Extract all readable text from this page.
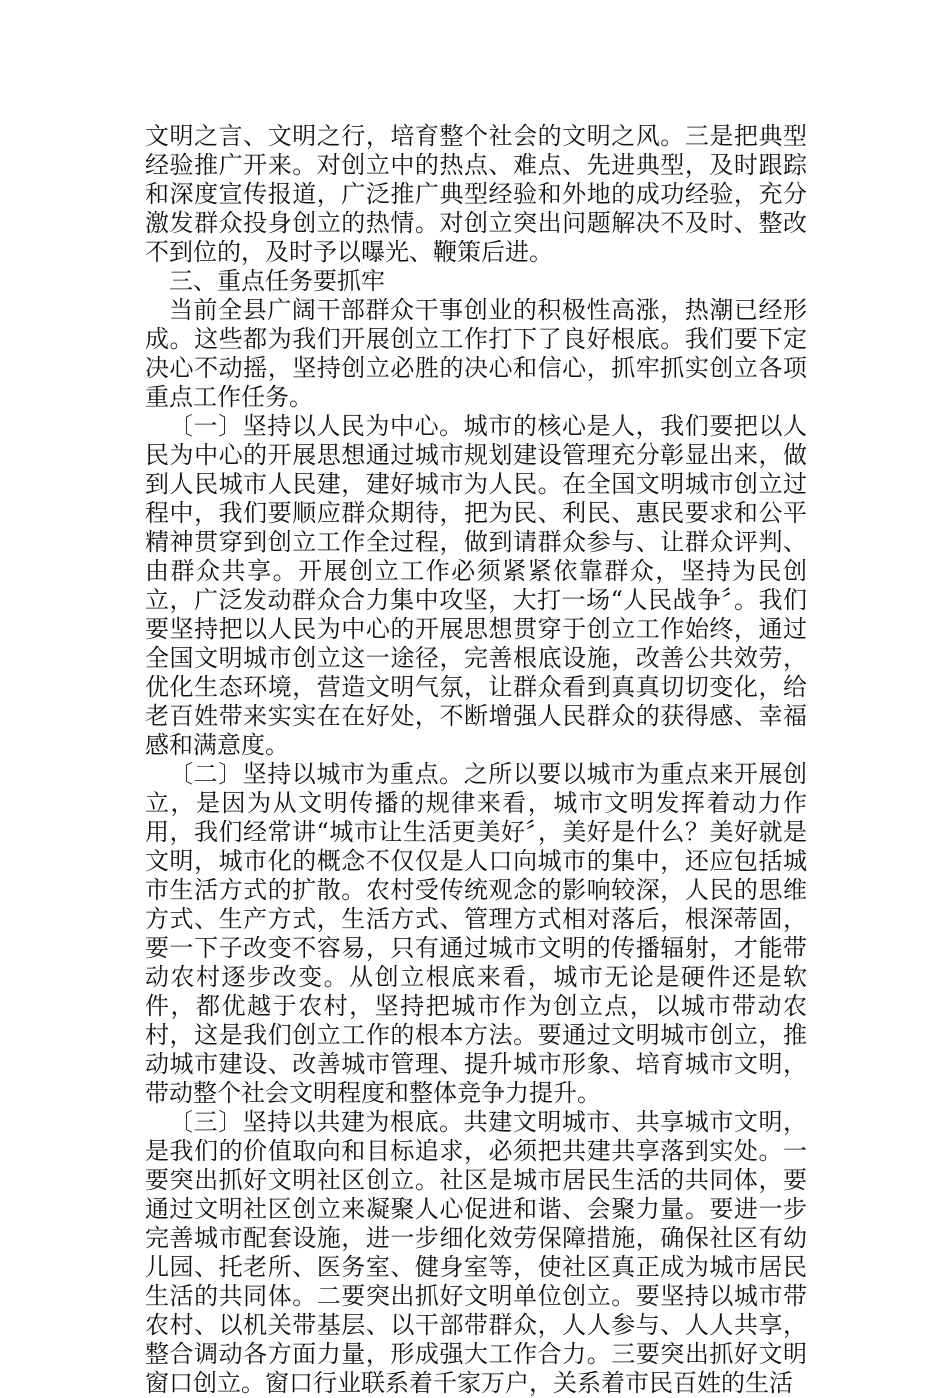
文明之言、文明之行，培育整个社会的文明之风。三是把典型经验推广开来。对创立中的热点、难点、先进典型，及时跟踪和深度宣传报道，广泛推广典型经验和外地的成功经验，充分激发群众投身创立的热情。对创立突出问题解决不及时、整改不到位的，及时予以曝光、鞭策后进。

三、重点任务要抓牢

当前全县广阔干部群众干事创业的积极性高涨，热潮已经形成。这些都为我们开展创立工作打下了良好根底。我们要下定决心不动摇，坚持创立必胜的决心和信心，抓牢抓实创立各项重点工作任务。

〔一〕坚持以人民为中心。城市的核心是人，我们要把以人民为中心的开展思想通过城市规划建设管理充分彰显出来，做到人民城市人民建，建好城市为人民。在全国文明城市创立过程中，我们要顺应群众期待，把为民、利民、惠民要求和公平精神贯穿到创立工作全过程，做到请群众参与、让群众评判、由群众共享。开展创立工作必须紧紧依靠群众，坚持为民创立，广泛发动群众合力集中攻坚，大打一场“人民战争〞。我们要坚持把以人民为中心的开展思想贯穿于创立工作始终，通过全国文明城市创立这一途径，完善根底设施，改善公共效劳，优化生态环境，营造文明气氛，让群众看到真真切切变化，给老百姓带来实实在在好处，不断增强人民群众的获得感、幸福感和满意度。

〔二〕坚持以城市为重点。之所以要以城市为重点来开展创立，是因为从文明传播的规律来看，城市文明发挥着动力作用，我们经常讲“城市让生活更美好〞，美好是什么？美好就是文明，城市化的概念不仅仅是人口向城市的集中，还应包括城市生活方式的扩散。农村受传统观念的影响较深，人民的思维方式、生产方式，生活方式、管理方式相对落后，根深蒂固，要一下子改变不容易，只有通过城市文明的传播辐射，才能带动农村逐步改变。从创立根底来看，城市无论是硬件还是软件，都优越于农村，坚持把城市作为创立点，以城市带动农村，这是我们创立工作的根本方法。要通过文明城市创立，推动城市建设、改善城市管理、提升城市形象、培育城市文明，带动整个社会文明程度和整体竞争力提升。

〔三〕坚持以共建为根底。共建文明城市、共享城市文明，是我们的价值取向和目标追求，必须把共建共享落到实处。一要突出抓好文明社区创立。社区是城市居民生活的共同体，要通过文明社区创立来凝聚人心促进和谐、会聚力量。要进一步完善城市配套设施，进一步细化效劳保障措施，确保社区有幼儿园、托老所、医务室、健身室等，使社区真正成为城市居民生活的共同体。二要突出抓好文明单位创立。要坚持以城市带农村、以机关带基层、以干部带群众，人人参与、人人共享，整合调动各方面力量，形成强大工作合力。三要突出抓好文明窗口创立。窗口行业联系着千家万户，关系着市民百姓的生活
